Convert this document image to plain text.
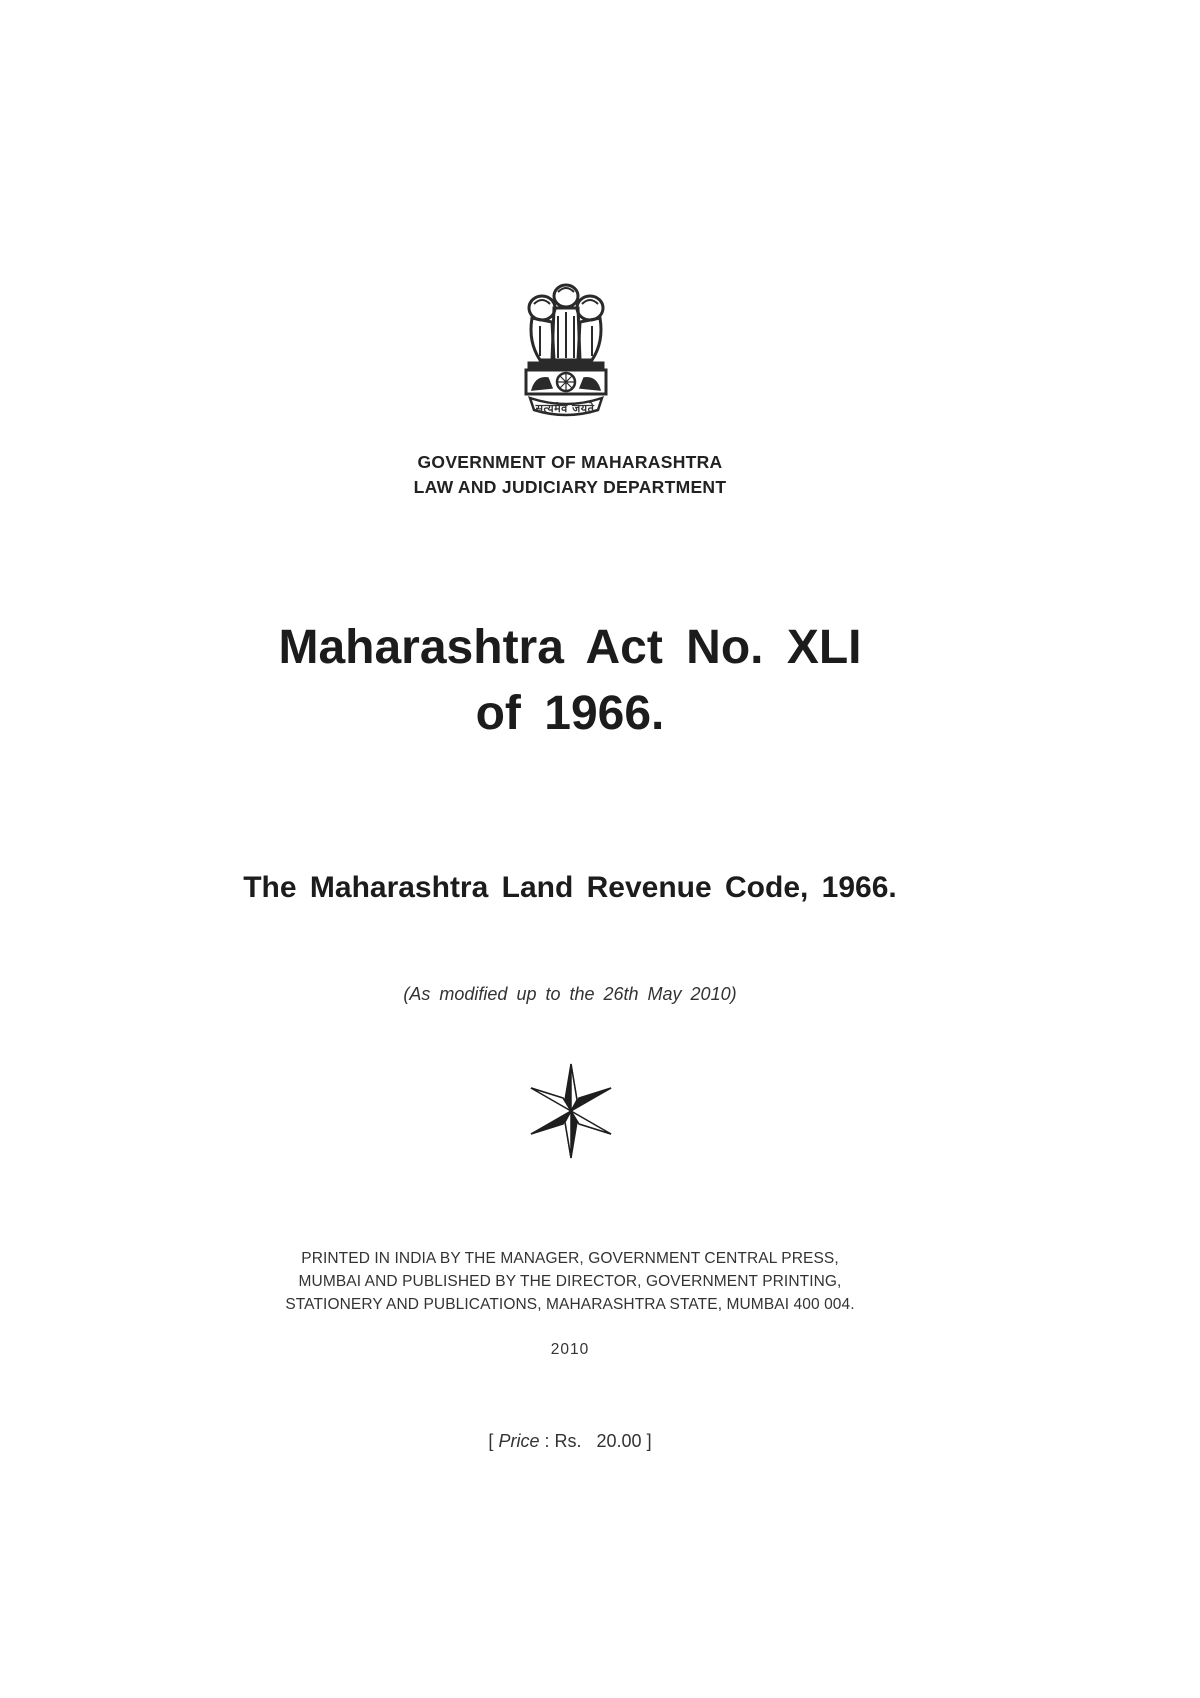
सत्यमेव जयते
GOVERNMENT OF MAHARASHTRA
LAW AND JUDICIARY DEPARTMENT
Maharashtra Act No. XLI
of 1966.
The Maharashtra Land Revenue Code, 1966.
(As modified up to the 26th May 2010)
PRINTED IN INDIA BY THE MANAGER, GOVERNMENT CENTRAL PRESS,
MUMBAI AND PUBLISHED BY THE DIRECTOR, GOVERNMENT PRINTING,
STATIONERY AND PUBLICATIONS, MAHARASHTRA STATE, MUMBAI 400 004.
2010
[ Price : Rs. 20.00 ]
